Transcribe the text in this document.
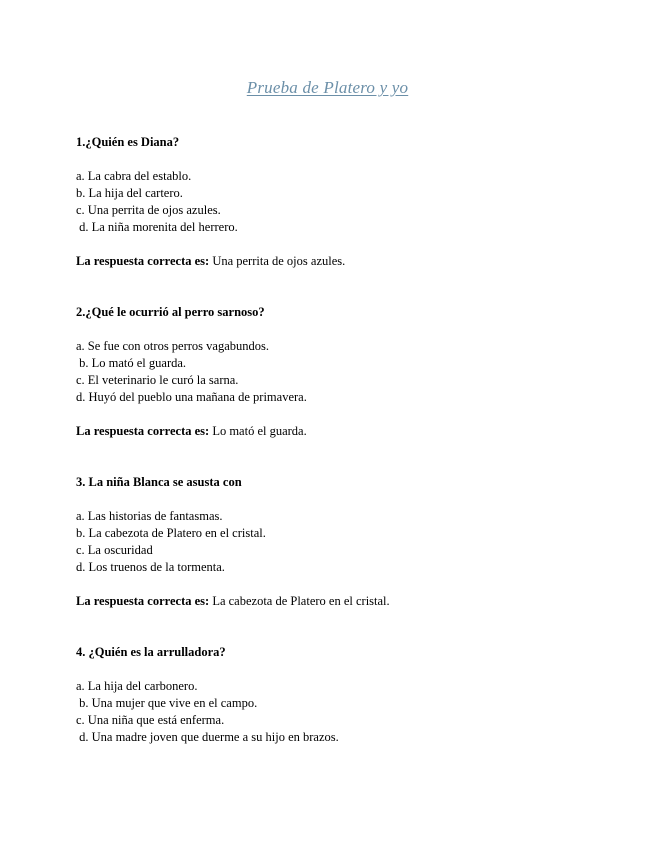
Prueba de Platero y yo
1.¿Quién es Diana?
a. La cabra del establo.
b. La hija del cartero.
c. Una perrita de ojos azules.
d. La niña morenita del herrero.
La respuesta correcta es: Una perrita de ojos azules.
2.¿Qué le ocurrió al perro sarnoso?
a. Se fue con otros perros vagabundos.
b. Lo mató el guarda.
c. El veterinario le curó la sarna.
d. Huyó del pueblo una mañana de primavera.
La respuesta correcta es: Lo mató el guarda.
3. La niña Blanca se asusta con
a. Las historias de fantasmas.
b. La cabezota de Platero en el cristal.
c. La oscuridad
d. Los truenos de la tormenta.
La respuesta correcta es: La cabezota de Platero en el cristal.
4. ¿Quién es la arrulladora?
a. La hija del carbonero.
b. Una mujer que vive en el campo.
c. Una niña que está enferma.
d. Una madre joven que duerme a su hijo en brazos.
